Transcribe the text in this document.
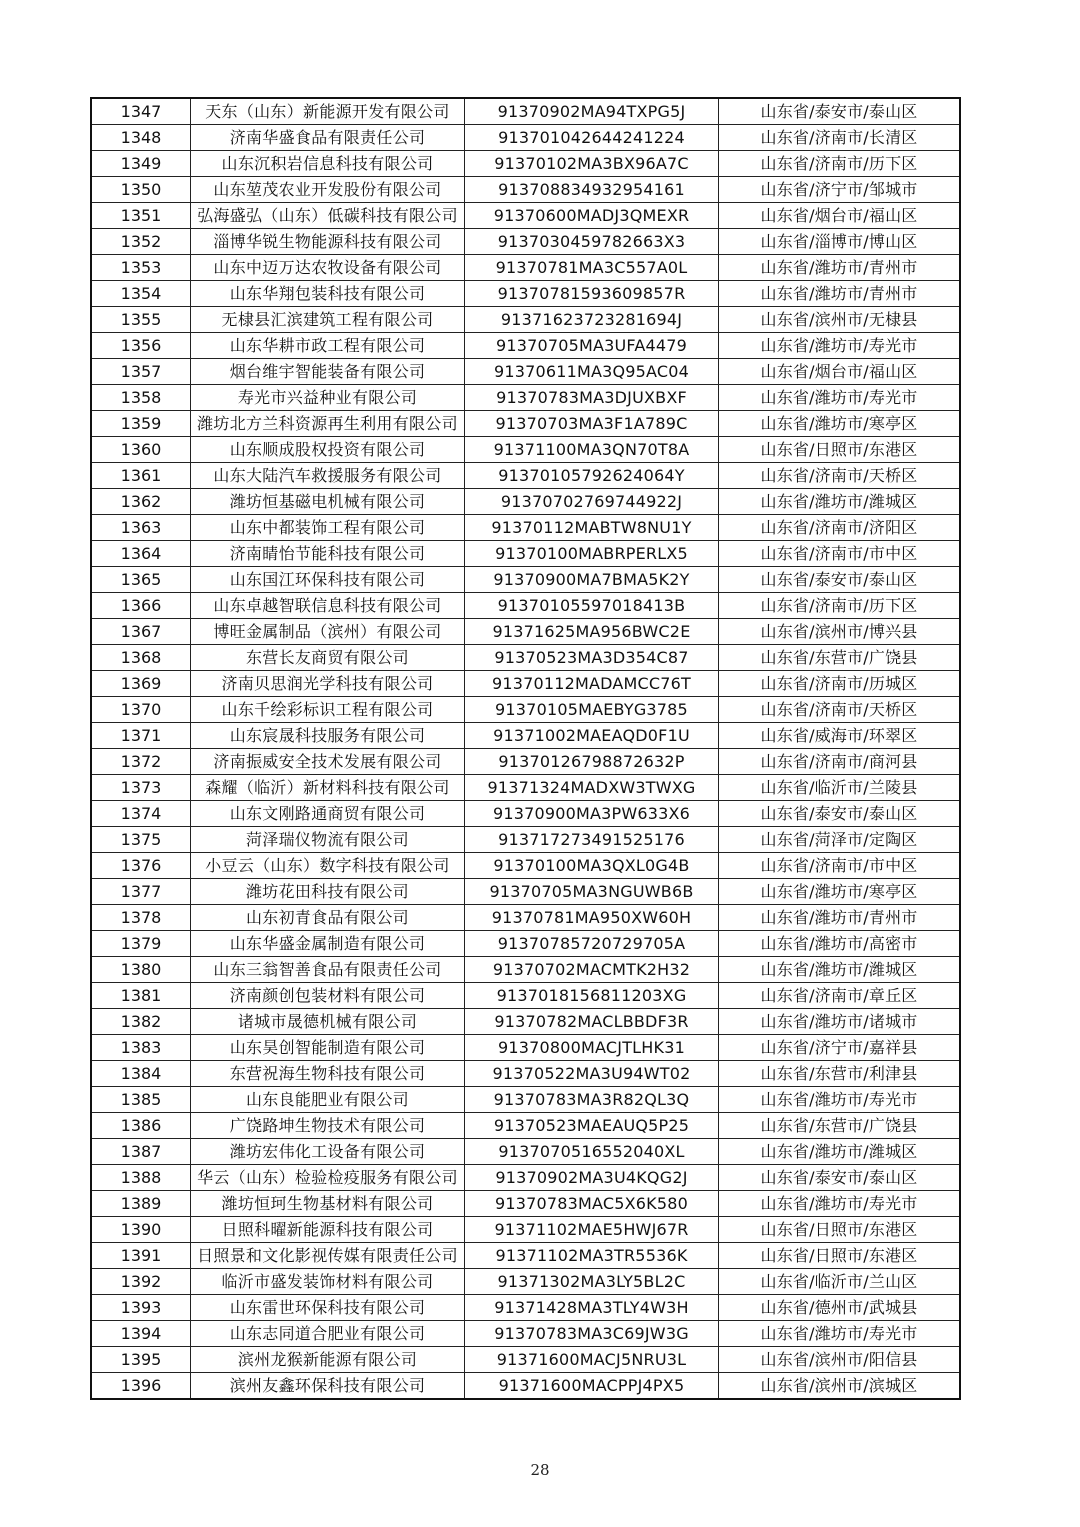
1347	天东（山东）新能源开发有限公司	91370902MA94TXPG5J	山东省/泰安市/泰山区
1348	济南华盛食品有限责任公司	913701042644241224	山东省/济南市/长清区
1349	山东沉积岩信息科技有限公司	91370102MA3BX96A7C	山东省/济南市/历下区
1350	山东堃茂农业开发股份有限公司	91370883493295416​1	山东省/济宁市/邹城市
1351	弘海盛弘（山东）低碳科技有限公司	91370600MADJ3QMEXR	山东省/烟台市/福山区
1352	淄博华锐生物能源科技有限公司	913703045978266​3X3	山东省/淄博市/博山区
1353	山东中迈万达农牧设备有限公司	91370781MA3C557A0L	山东省/潍坊市/青州市
1354	山东华翔包装科技有限公司	91370781593609857R	山东省/潍坊市/青州市
1355	无棣县汇滨建筑工程有限公司	91371623723281694J	山东省/滨州市/无棣县
1356	山东华耕市政工程有限公司	91370705MA3UFA4479	山东省/潍坊市/寿光市
1357	烟台维宇智能装备有限公司	91370611MA3Q95AC04	山东省/烟台市/福山区
1358	寿光市兴益种业有限公司	91370783MA3DJUXBXF	山东省/潍坊市/寿光市
1359	潍坊北方兰科资源再生利用有限公司	91370703MA3F1A789C	山东省/潍坊市/寒亭区
1360	山东顺成股权投资有限公司	91371100MA3QN70T8A	山东省/日照市/东港区
1361	山东大陆汽车救援服务有限公司	91370105792624064Y	山东省/济南市/天桥区
1362	潍坊恒基磁电机械有限公司	91370702769744922J	山东省/潍坊市/潍城区
1363	山东中都装饰工程有限公司	91370112MABTW8NU1Y	山东省/济南市/济阳区
1364	济南睛怡节能科技有限公司	91370100MABRPERLX5	山东省/济南市/市中区
1365	山东国江环保科技有限公司	91370900MA7BMA5K2Y	山东省/泰安市/泰山区
1366	山东卓越智联信息科技有限公司	91370105597018413B	山东省/济南市/历下区
1367	博旺金属制品（滨州）有限公司	91371625MA956BWC2E	山东省/滨州市/博兴县
1368	东营长友商贸有限公司	91370523MA3D354C87	山东省/东营市/广饶县
1369	济南贝思润光学科技有限公司	91370112MADAMCC76T	山东省/济南市/历城区
1370	山东千绘彩标识工程有限公司	91370105MAEBYG3785	山东省/济南市/天桥区
1371	山东宸晟科技服务有限公司	91371002MAEAQD0F1U	山东省/威海市/环翠区
1372	济南振威安全技术发展有限公司	91370126798872632P	山东省/济南市/商河县
1373	森耀（临沂）新材料科技有限公司	91371324MADXW3TWXG	山东省/临沂市/兰陵县
1374	山东文刚路通商贸有限公司	91370900MA3PW633X6	山东省/泰安市/泰山区
1375	菏泽瑞仪物流有限公司	913717273491525176	山东省/菏泽市/定陶区
1376	小豆云（山东）数字科技有限公司	91370100MA3QXL0G4B	山东省/济南市/市中区
1377	潍坊花田科技有限公司	91370705MA3NGUWB6B	山东省/潍坊市/寒亭区
1378	山东初青食品有限公司	91370781MA950XW60H	山东省/潍坊市/青州市
1379	山东华盛金属制造有限公司	91370785720729705A	山东省/潍坊市/高密市
1380	山东三翁智善食品有限责任公司	91370702MACMTK2H32	山东省/潍坊市/潍城区
1381	济南颜创包装材料有限公司	913701815681120​3XG	山东省/济南市/章丘区
1382	诸城市晟德机械有限公司	91370782MACLBBDF3R	山东省/潍坊市/诸城市
1383	山东昊创智能制造有限公司	91370800MACJTLHK31	山东省/济宁市/嘉祥县
1384	东营祝海生物科技有限公司	91370522MA3U94WT02	山东省/东营市/利津县
1385	山东良能肥业有限公司	91370783MA3R82QL3Q	山东省/潍坊市/寿光市
1386	广饶路坤生物技术有限公司	91370523MAEAUQ5P25	山东省/东营市/广饶县
1387	潍坊宏伟化工设备有限公司	913707051655204​0XL	山东省/潍坊市/潍城区
1388	华云（山东）检验检疫服务有限公司	91370902MA3U4KQG2J	山东省/泰安市/泰山区
1389	潍坊恒珂生物基材料有限公司	91370783MAC5X6K580	山东省/潍坊市/寿光市
1390	日照科曜新能源科技有限公司	91371102MAE5HWJ67R	山东省/日照市/东港区
1391	日照景和文化影视传媒有限责任公司	91371102MA3TR5536K	山东省/日照市/东港区
1392	临沂市盛发装饰材料有限公司	91371302MA3LY5BL2C	山东省/临沂市/兰山区
1393	山东雷世环保科技有限公司	91371428MA3TLY4W3H	山东省/德州市/武城县
1394	山东志同道合肥业有限公司	91370783MA3C69JW3G	山东省/潍坊市/寿光市
1395	滨州龙猴新能源有限公司	91371600MACJ5NRU3L	山东省/滨州市/阳信县
1396	滨州友鑫环保科技有限公司	91371600MACPPJ4PX5	山东省/滨州市/滨城区
28
